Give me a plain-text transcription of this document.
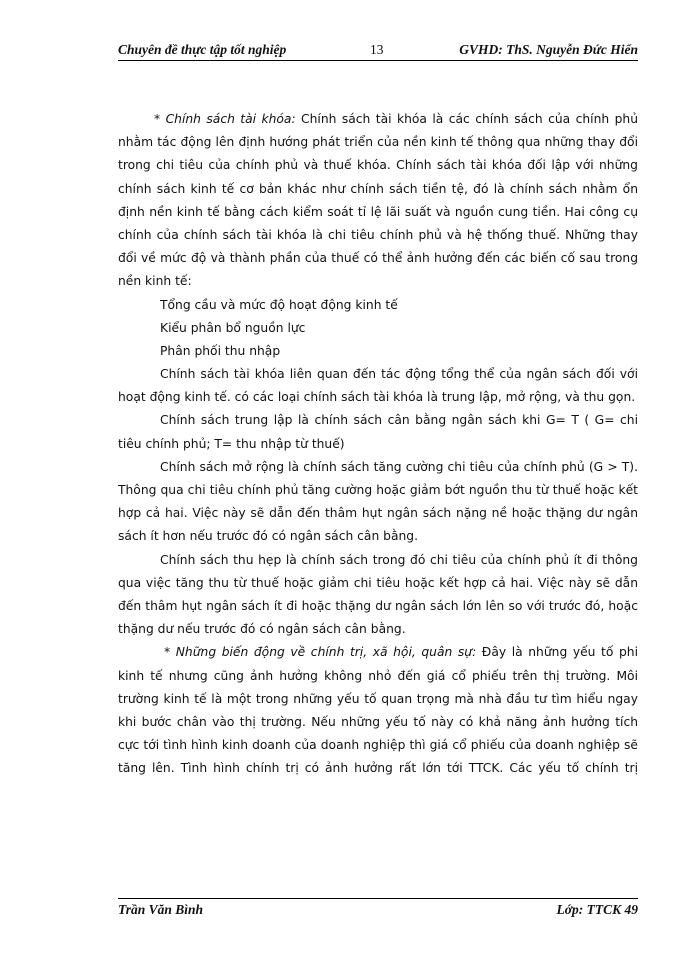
Chuyên đề thực tập tốt nghiệp	13	GVHD: ThS. Nguyễn Đức Hiển
* Chính sách tài khóa: Chính sách tài khóa là các chính sách của chính phủ
nhằm tác động lên định hướng phát triển của nền kinh tế thông qua những thay đổi
trong chi tiêu của chính phủ và thuế khóa. Chính sách tài khóa đối lập với những
chính sách kinh tế cơ bản khác như chính sách tiền tệ, đó là chính sách nhằm ổn
định nền kinh tế bằng cách kiểm soát tỉ lệ lãi suất và nguồn cung tiền. Hai công cụ
chính của chính sách tài khóa là chi tiêu chính phủ và hệ thống thuế. Những thay
đổi về mức độ và thành phần của thuế có thể ảnh hưởng đến các biến cố sau trong
nền kinh tế:
Tổng cầu và mức độ hoạt động kinh tế
Kiểu phân bổ nguồn lực
Phân phối thu nhập
Chính sách tài khóa liên quan đến tác động tổng thể của ngân sách đối với
hoạt động kinh tế. có các loại chính sách tài khóa là trung lập, mở rộng, và thu gọn.
Chính sách trung lập là chính sách cân bằng ngân sách khi G= T ( G= chi
tiêu chính phủ; T= thu nhập từ thuế)
Chính sách mở rộng là chính sách tăng cường chi tiêu của chính phủ (G > T).
Thông qua chi tiêu chính phủ tăng cường hoặc giảm bớt nguồn thu từ thuế hoặc kết
hợp cả hai. Việc này sẽ dẫn đến thâm hụt ngân sách nặng nề hoặc thặng dư ngân
sách ít hơn nếu trước đó có ngân sách cân bằng.
Chính sách thu hẹp là chính sách trong đó chi tiêu của chính phủ ít đi thông
qua việc tăng thu từ thuế hoặc giảm chi tiêu hoặc kết hợp cả hai. Việc này sẽ dẫn
đến thâm hụt ngân sách ít đi hoặc thặng dư ngân sách lớn lên so với trước đó, hoặc
thặng dư nếu trước đó có ngân sách cân bằng.
* Những biến động về chính trị, xã hội, quân sự: Đây là những yếu tố phi
kinh tế nhưng cũng ảnh hưởng không nhỏ đến giá cổ phiếu trên thị trường. Môi
trường kinh tế là một trong những yếu tố quan trọng mà nhà đầu tư tìm hiểu ngay
khi bước chân vào thị trường. Nếu những yếu tố này có khả năng ảnh hưởng tích
cực tới tình hình kinh doanh của doanh nghiệp thì giá cổ phiếu của doanh nghiệp sẽ
tăng lên. Tình hình chính trị có ảnh hưởng rất lớn tới TTCK. Các yếu tố chính trị
Trần Văn Bình	Lớp: TTCK 49
